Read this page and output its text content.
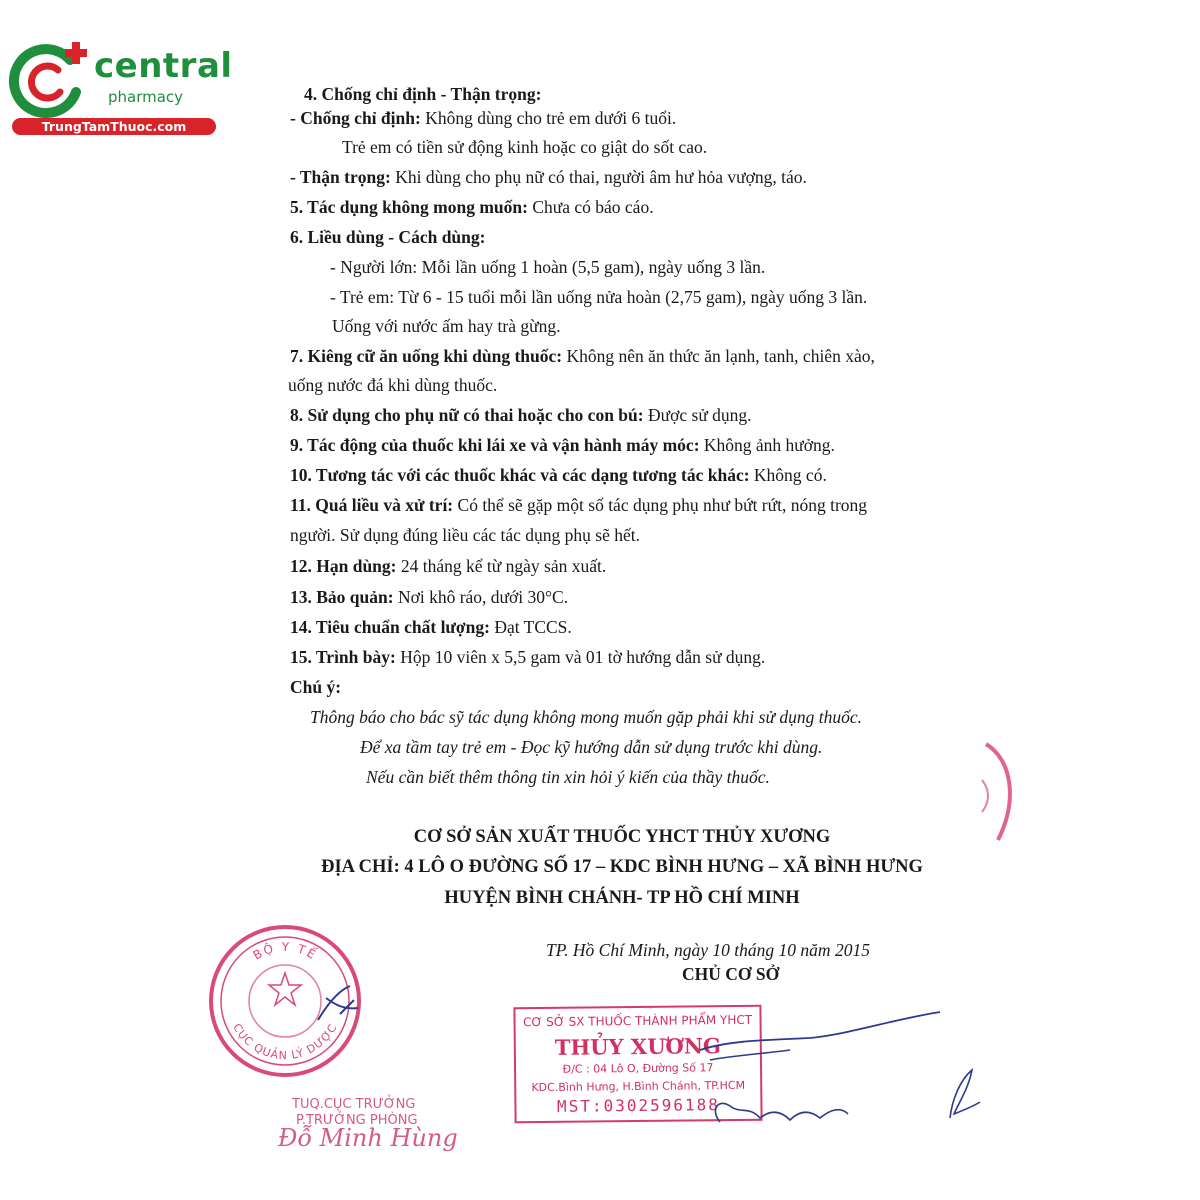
central
pharmacy
TrungTamThuoc.com
4. Chống chỉ định - Thận trọng:
- Chống chỉ định: Không dùng cho trẻ em dưới 6 tuổi.
Trẻ em có tiền sử động kinh hoặc co giật do sốt cao.
- Thận trọng: Khi dùng cho phụ nữ có thai, người âm hư hỏa vượng, táo.
5. Tác dụng không mong muốn: Chưa có báo cáo.
6. Liều dùng - Cách dùng:
- Người lớn: Mỗi lần uống 1 hoàn (5,5 gam), ngày uống 3 lần.
- Trẻ em: Từ 6 - 15 tuổi mỗi lần uống nửa hoàn (2,75 gam), ngày uống 3 lần.
Uống với nước ấm hay trà gừng.
7. Kiêng cữ ăn uống khi dùng thuốc: Không nên ăn thức ăn lạnh, tanh, chiên xào,
uống nước đá khi dùng thuốc.
8. Sử dụng cho phụ nữ có thai hoặc cho con bú: Được sử dụng.
9. Tác động của thuốc khi lái xe và vận hành máy móc: Không ảnh hưởng.
10. Tương tác với các thuốc khác và các dạng tương tác khác: Không có.
11. Quá liều và xử trí: Có thể sẽ gặp một số tác dụng phụ như bứt rứt, nóng trong
người. Sử dụng đúng liều các tác dụng phụ sẽ hết.
12. Hạn dùng: 24 tháng kể từ ngày sản xuất.
13. Bảo quản: Nơi khô ráo, dưới 30°C.
14. Tiêu chuẩn chất lượng: Đạt TCCS.
15. Trình bày: Hộp 10 viên x 5,5 gam và 01 tờ hướng dẫn sử dụng.
Chú ý:
Thông báo cho bác sỹ tác dụng không mong muốn gặp phải khi sử dụng thuốc.
Để xa tầm tay trẻ em - Đọc kỹ hướng dẫn sử dụng trước khi dùng.
Nếu cần biết thêm thông tin xin hỏi ý kiến của thầy thuốc.
CƠ SỞ SẢN XUẤT THUỐC YHCT THỦY XƯƠNG
ĐỊA CHỈ: 4 LÔ O ĐƯỜNG SỐ 17 – KDC BÌNH HƯNG – XÃ BÌNH HƯNG
HUYỆN BÌNH CHÁNH- TP HỒ CHÍ MINH
TP. Hồ Chí Minh, ngày 10 tháng 10 năm 2015
CHỦ CƠ SỞ
BỘ Y TẾ
CỤC QUẢN LÝ DƯỢC
TUQ.CỤC TRƯỞNG
P.TRƯỞNG PHÒNG
Đỗ Minh Hùng
CƠ SỞ SX THUỐC THÀNH PHẨM YHCT
THỦY XƯƠNG
Đ/C : 04 Lô O, Đường Số 17
KDC.Bình Hưng, H.Bình Chánh, TP.HCM
MST:0302596188
